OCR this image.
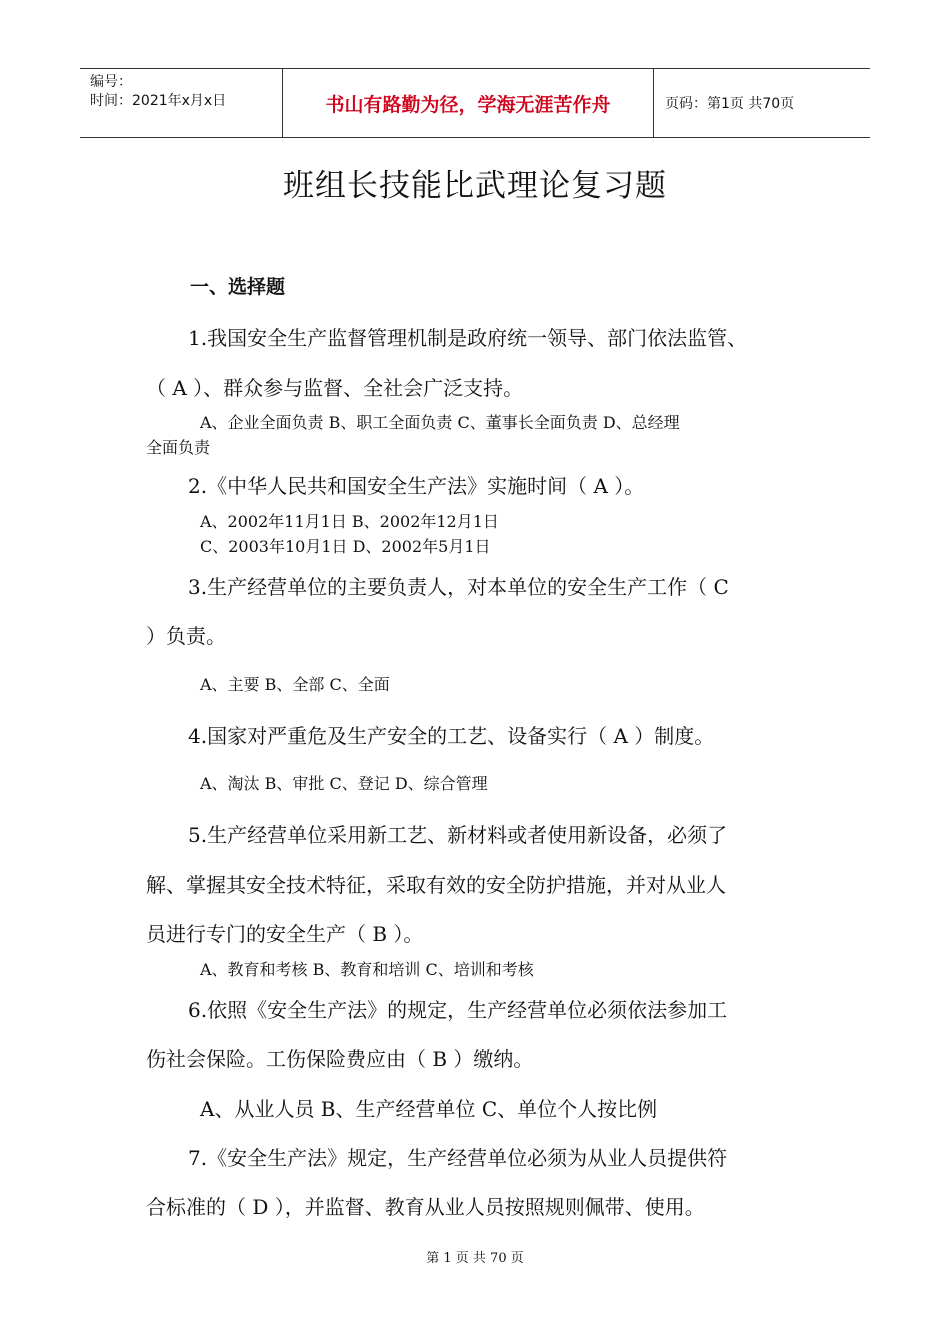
编号：
时间：2021年x月x日	书山有路勤为径，学海无涯苦作舟	页码：第1页 共70页
班组长技能比武理论复习题
一、选择题
1.我国安全生产监督管理机制是政府统一领导、部门依法监管、
（ A ）、群众参与监督、全社会广泛支持。
A、企业全面负责 B、职工全面负责 C、董事长全面负责 D、总经理
全面负责
2.《中华人民共和国安全生产法》实施时间（ A ）。
A、2002年11月1日 B、2002年12月1日
C、2003年10月1日 D、2002年5月1日
3.生产经营单位的主要负责人，对本单位的安全生产工作（ C
）负责。
A、主要 B、全部 C、全面
4.国家对严重危及生产安全的工艺、设备实行（ A ）制度。
A、淘汰 B、审批 C、登记 D、综合管理
5.生产经营单位采用新工艺、新材料或者使用新设备，必须了
解、掌握其安全技术特征，采取有效的安全防护措施，并对从业人
员进行专门的安全生产（ B ）。
A、教育和考核 B、教育和培训 C、培训和考核
6.依照《安全生产法》的规定，生产经营单位必须依法参加工
伤社会保险。工伤保险费应由（ B ）缴纳。
A、从业人员 B、生产经营单位 C、单位个人按比例
7.《安全生产法》规定，生产经营单位必须为从业人员提供符
合标准的（ D ），并监督、教育从业人员按照规则佩带、使用。
第 1 页 共 70 页
